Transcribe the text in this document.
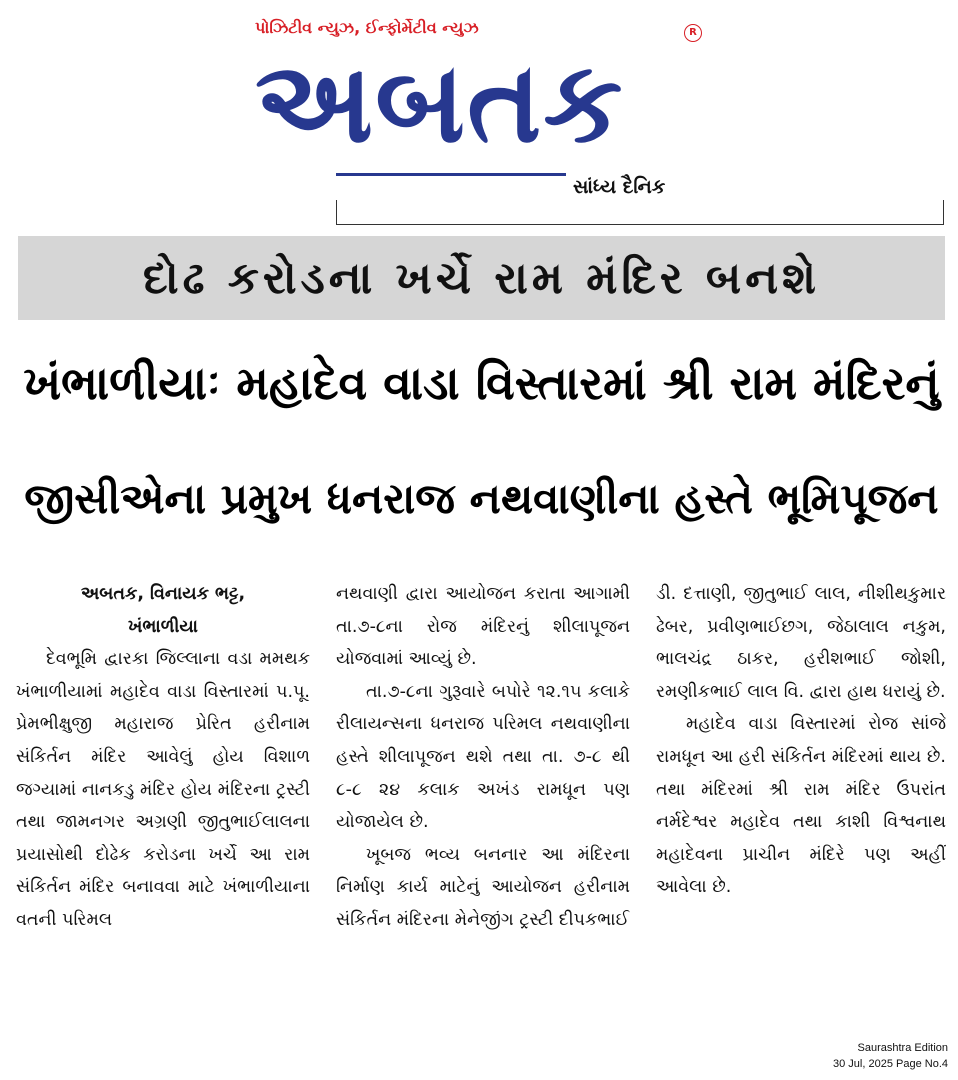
પોઝિટીવ ન્યુઝ, ઈન્ફોર્મેટીવ ન્યુઝ	R
અબતક
સાંધ્ય દૈનિક
દોઢ કરોડના ખર્ચે રામ મંદિર બનશે
ખંભાળીયાઃ મહાદેવ વાડા વિસ્તારમાં શ્રી રામ મંદિરનું
જીસીએના પ્રમુખ ધનરાજ નથવાણીના હસ્તે ભૂમિપૂજન
અબતક, વિનાયક ભટ્ટ,
ખંભાળીયા

દેવભૂમિ દ્વારકા જિલ્લાના વડા મમથક ખંભાળીયામાં મહાદેવ વાડા વિસ્તારમાં પ.પૂ. પ્રેમભીક્ષુજી મહારાજ પ્રેરિત હરીનામ સંકિર્તન મંદિર આવેલું હોય વિશાળ જગ્યામાં નાનકડુ મંદિર હોય મંદિરના ટ્રસ્ટી તથા જામનગર અગ્રણી જીતુભાઈલાલના પ્રયાસોથી દોઢેક કરોડના ખર્ચે આ રામ સંકિર્તન મંદિર બનાવવા માટે ખંભાળીયાના વતની પરિમલ

નથવાણી દ્વારા આયોજન કરાતા આગામી તા.૭-૮ના રોજ મંદિરનું શીલાપૂજન યોજવામાં આવ્યું છે.

તા.૭-૮ના ગુરૂવારે બપોરે ૧૨.૧૫ કલાકે રીલાયન્સના ધનરાજ પરિમલ નથવાણીના હસ્તે શીલાપૂજન થશે તથા તા. ૭-૮ થી ૮-૮ ૨૪ કલાક અખંડ રામધૂન પણ યોજાયેલ છે.

ખૂબજ ભવ્ય બનનાર આ મંદિરના નિર્માણ કાર્ય માટેનું આયોજન હરીનામ સંકિર્તન મંદિરના મેનેજીંગ ટ્રસ્ટી દીપકભાઈ

ડી. દત્તાણી, જીતુભાઈ લાલ, નીશીથકુમાર ઢેબર, પ્રવીણભાઈછગ, જેઠાલાલ નકુમ, ભાલચંદ્ર ઠાકર, હરીશભાઈ જોશી, રમણીકભાઈ લાલ વિ. દ્વારા હાથ ધરાયું છે.

મહાદેવ વાડા વિસ્તારમાં રોજ સાંજે રામધૂન આ હરી સંકિર્તન મંદિરમાં થાય છે. તથા મંદિરમાં શ્રી રામ મંદિર ઉપરાંત નર્મદેશ્વર મહાદેવ તથા કાશી વિશ્વનાથ મહાદેવના પ્રાચીન મંદિરે પણ અહીં આવેલા છે.

Saurashtra Edition
30 Jul, 2025 Page No.4
